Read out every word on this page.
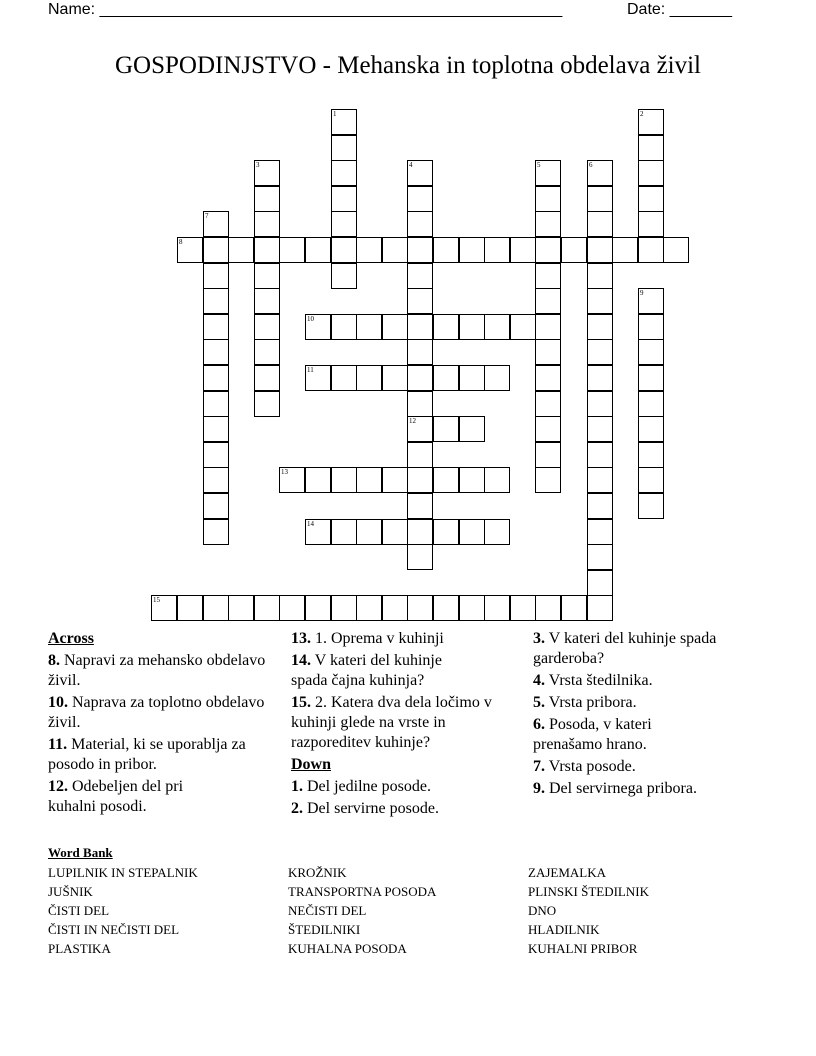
Name: ____________________________________________________	Date: _______
GOSPODINJSTVO - Mehanska in toplotna obdelava živil
8
10
11
12
13
14
15
1	2
3	4	5	6
7
9
Across
8. Napravi za mehansko obdelavo živil.
10. Naprava za toplotno obdelavo živil.
11. Material, ki se uporablja za posodo in pribor.
12. Odebeljen del pri kuhalni posodi.
13. 1. Oprema v kuhinji
14. V kateri del kuhinje spada čajna kuhinja?
15. 2. Katera dva dela ločimo v kuhinji glede na vrste in razporeditev kuhinje?
Down
1. Del jedilne posode.
2. Del servirne posode.
3. V kateri del kuhinje spada garderoba?
4. Vrsta štedilnika.
5. Vrsta pribora.
6. Posoda, v kateri prenašamo hrano.
7. Vrsta posode.
9. Del servirnega pribora.
Word Bank
LUPILNIK IN STEPALNIK
JUŠNIK
ČISTI DEL
ČISTI IN NEČISTI DEL
PLASTIKA
KROŽNIK
TRANSPORTNA POSODA
NEČISTI DEL
ŠTEDILNIKI
KUHALNA POSODA
ZAJEMALKA
PLINSKI ŠTEDILNIK
DNO
HLADILNIK
KUHALNI PRIBOR
